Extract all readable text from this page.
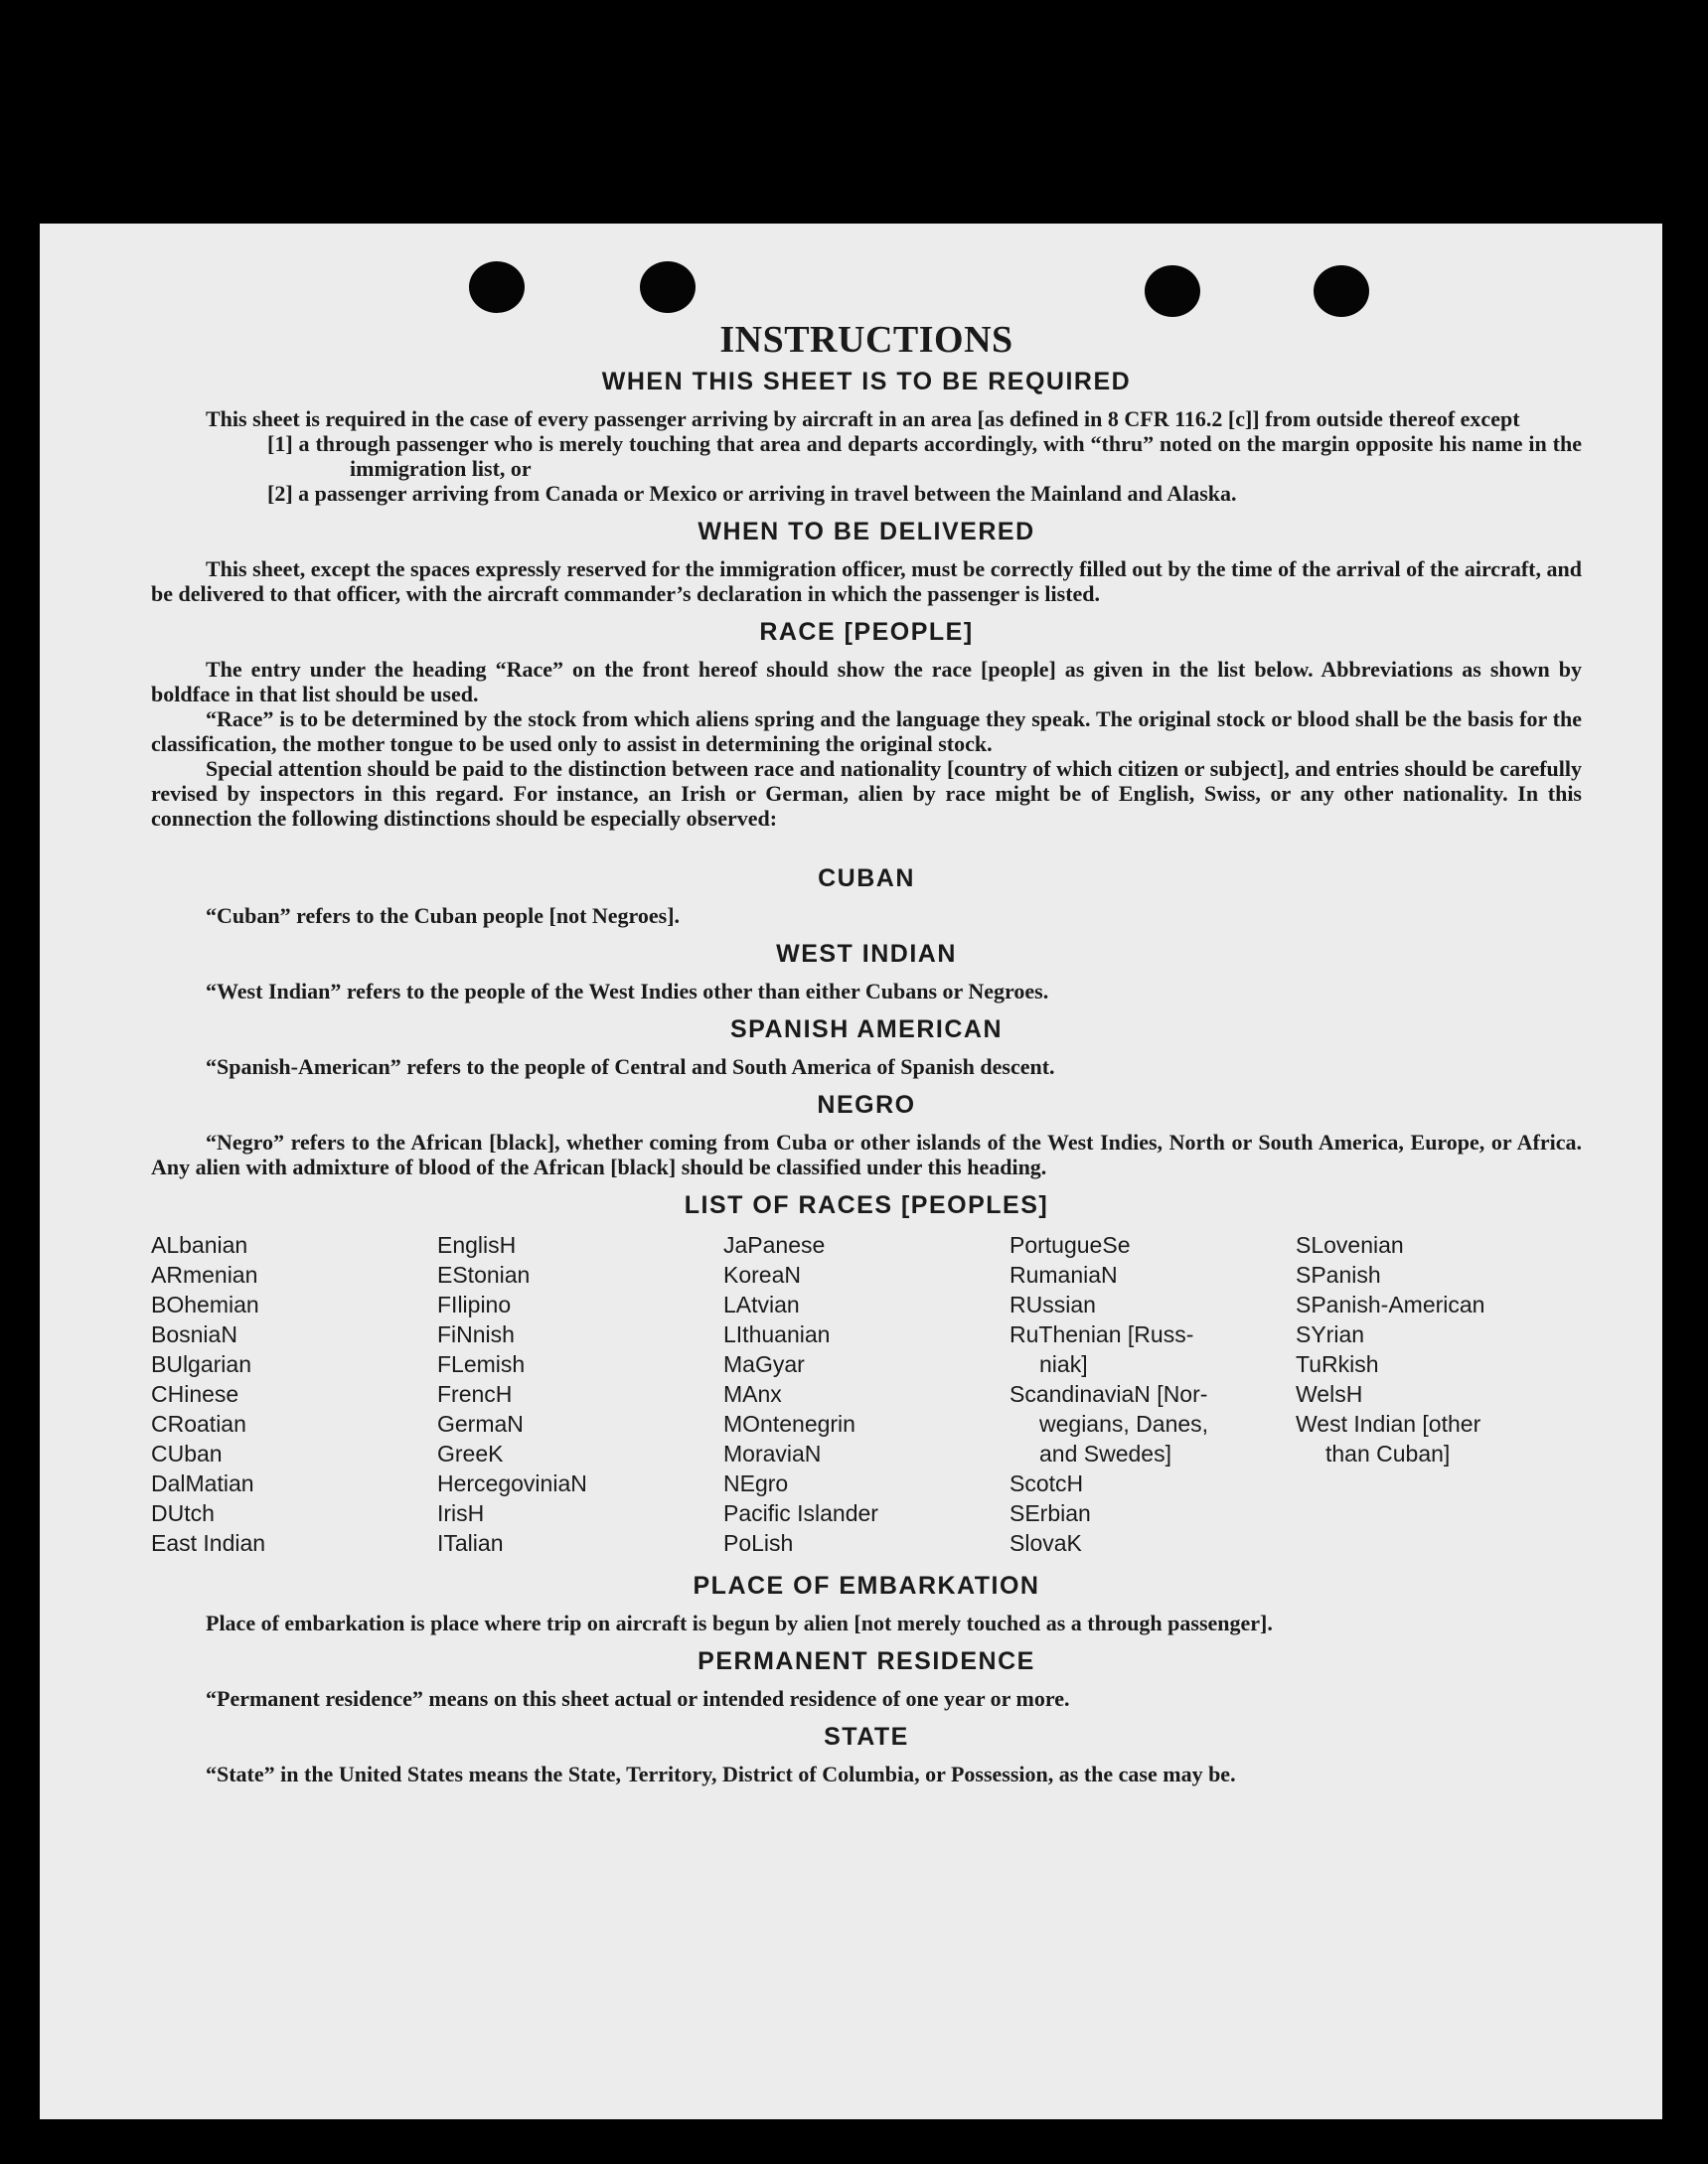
INSTRUCTIONS
WHEN THIS SHEET IS TO BE REQUIRED

This sheet is required in the case of every passenger arriving by aircraft in an area [as defined in 8 CFR 116.2 [c]] from outside thereof except

[1] a through passenger who is merely touching that area and departs accordingly, with “thru” noted on the margin opposite his name in the immigration list, or

[2] a passenger arriving from Canada or Mexico or arriving in travel between the Mainland and Alaska.

WHEN TO BE DELIVERED

This sheet, except the spaces expressly reserved for the immigration officer, must be correctly filled out by the time of the arrival of the aircraft, and be delivered to that officer, with the aircraft commander’s declaration in which the passenger is listed.

RACE [PEOPLE]

The entry under the heading “Race” on the front hereof should show the race [people] as given in the list below. Abbreviations as shown by boldface in that list should be used.

“Race” is to be determined by the stock from which aliens spring and the language they speak. The original stock or blood shall be the basis for the classification, the mother tongue to be used only to assist in determining the original stock.

Special attention should be paid to the distinction between race and nationality [country of which citizen or subject], and entries should be carefully revised by inspectors in this regard. For instance, an Irish or German, alien by race might be of English, Swiss, or any other nationality. In this connection the following distinctions should be especially observed:

CUBAN

“Cuban” refers to the Cuban people [not Negroes].

WEST INDIAN

“West Indian” refers to the people of the West Indies other than either Cubans or Negroes.

SPANISH AMERICAN

“Spanish-American” refers to the people of Central and South America of Spanish descent.

NEGRO

“Negro” refers to the African [black], whether coming from Cuba or other islands of the West Indies, North or South America, Europe, or Africa. Any alien with admixture of blood of the African [black] should be classified under this heading.

LIST OF RACES [PEOPLES]
ALbanian
ARmenian
BOhemian
BosniaN
BUlgarian
CHinese
CRoatian
CUban
DalMatian
DUtch
East Indian
EnglisH
EStonian
FIlipino
FiNnish
FLemish
FrencH
GermaN
GreeK
HercegoviniaN
IrisH
ITalian
JaPanese
KoreaN
LAtvian
LIthuanian
MaGyar
MAnx
MOntenegrin
MoraviaN
NEgro
Pacific Islander
PoLish
PortugueSe
RumaniaN
RUssian
RuThenian [Russ-
niak]
ScandinaviaN [Nor-
wegians, Danes,
and Swedes]
ScotcH
SErbian
SlovaK
SLovenian
SPanish
SPanish-American
SYrian
TuRkish
WelsH
West Indian [other
than Cuban]
PLACE OF EMBARKATION

Place of embarkation is place where trip on aircraft is begun by alien [not merely touched as a through passenger].

PERMANENT RESIDENCE

“Permanent residence” means on this sheet actual or intended residence of one year or more.

STATE

“State” in the United States means the State, Territory, District of Columbia, or Possession, as the case may be.
